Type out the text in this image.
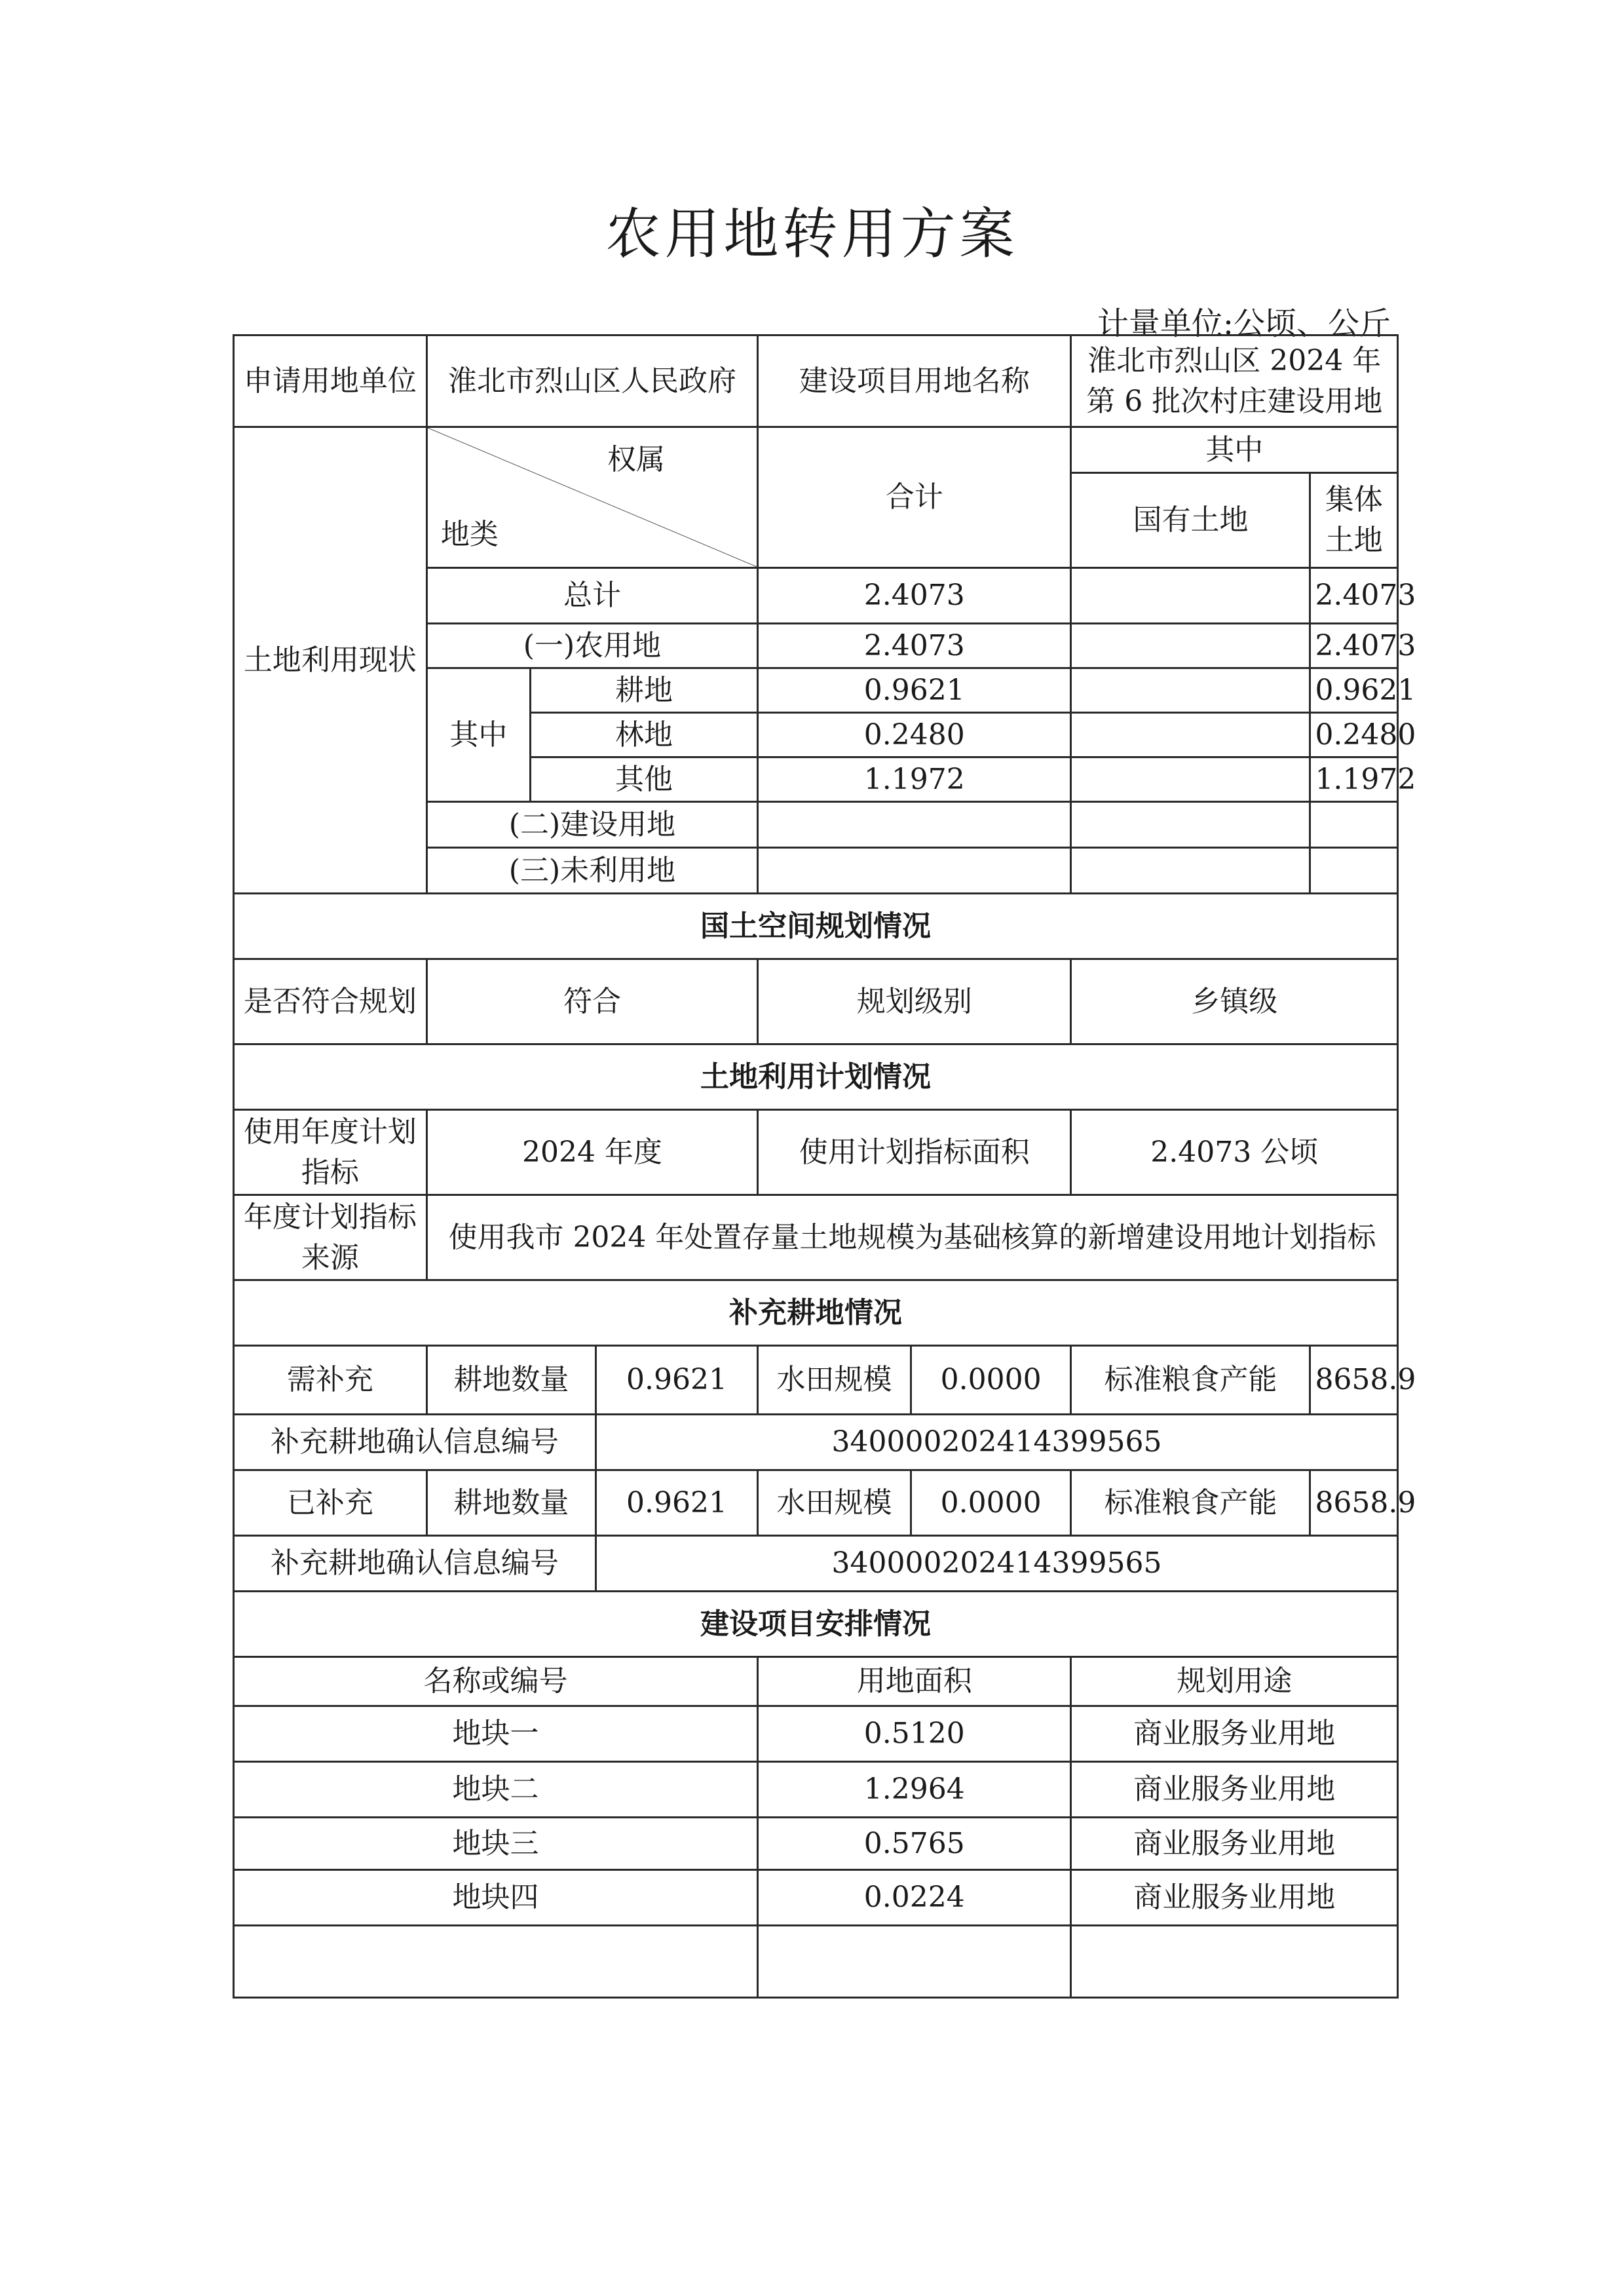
农用地转用方案
计量单位:公顷、公斤
申请用地单位	淮北市烈山区人民政府			建设项目用地名称		淮北市烈山区 2024 年第 6 批次村庄建设用地	
土地利用现状	权属
地类			合计		其中	
						国有土地	集体土地
	总计			2.4073			2.4073
	(一)农用地			2.4073			2.4073
	其中	耕地		0.9621			0.9621
		林地		0.2480			0.2480
		其他		1.1972			1.1972
	(二)建设用地						
	(三)未利用地						

国土空间规划情况							
是否符合规划	符合			规划级别		乡镇级	
土地利用计划情况							
使用年度计划指标	2024 年度			使用计划指标面积		2.4073 公顷	
年度计划指标来源	使用我市 2024 年处置存量土地规模为基础核算的新增建设用地计划指标						
补充耕地情况							
需补充	耕地数量		0.9621	水田规模	0.0000	标准粮食产能	8658.9
补充耕地确认信息编号			340000202414399565				
已补充	耕地数量		0.9621	水田规模	0.0000	标准粮食产能	8658.9
补充耕地确认信息编号			340000202414399565				
建设项目安排情况							
名称或编号				用地面积		规划用途	
地块一				0.5120		商业服务业用地	
地块二				1.2964		商业服务业用地	
地块三				0.5765		商业服务业用地	
地块四				0.0224		商业服务业用地	
